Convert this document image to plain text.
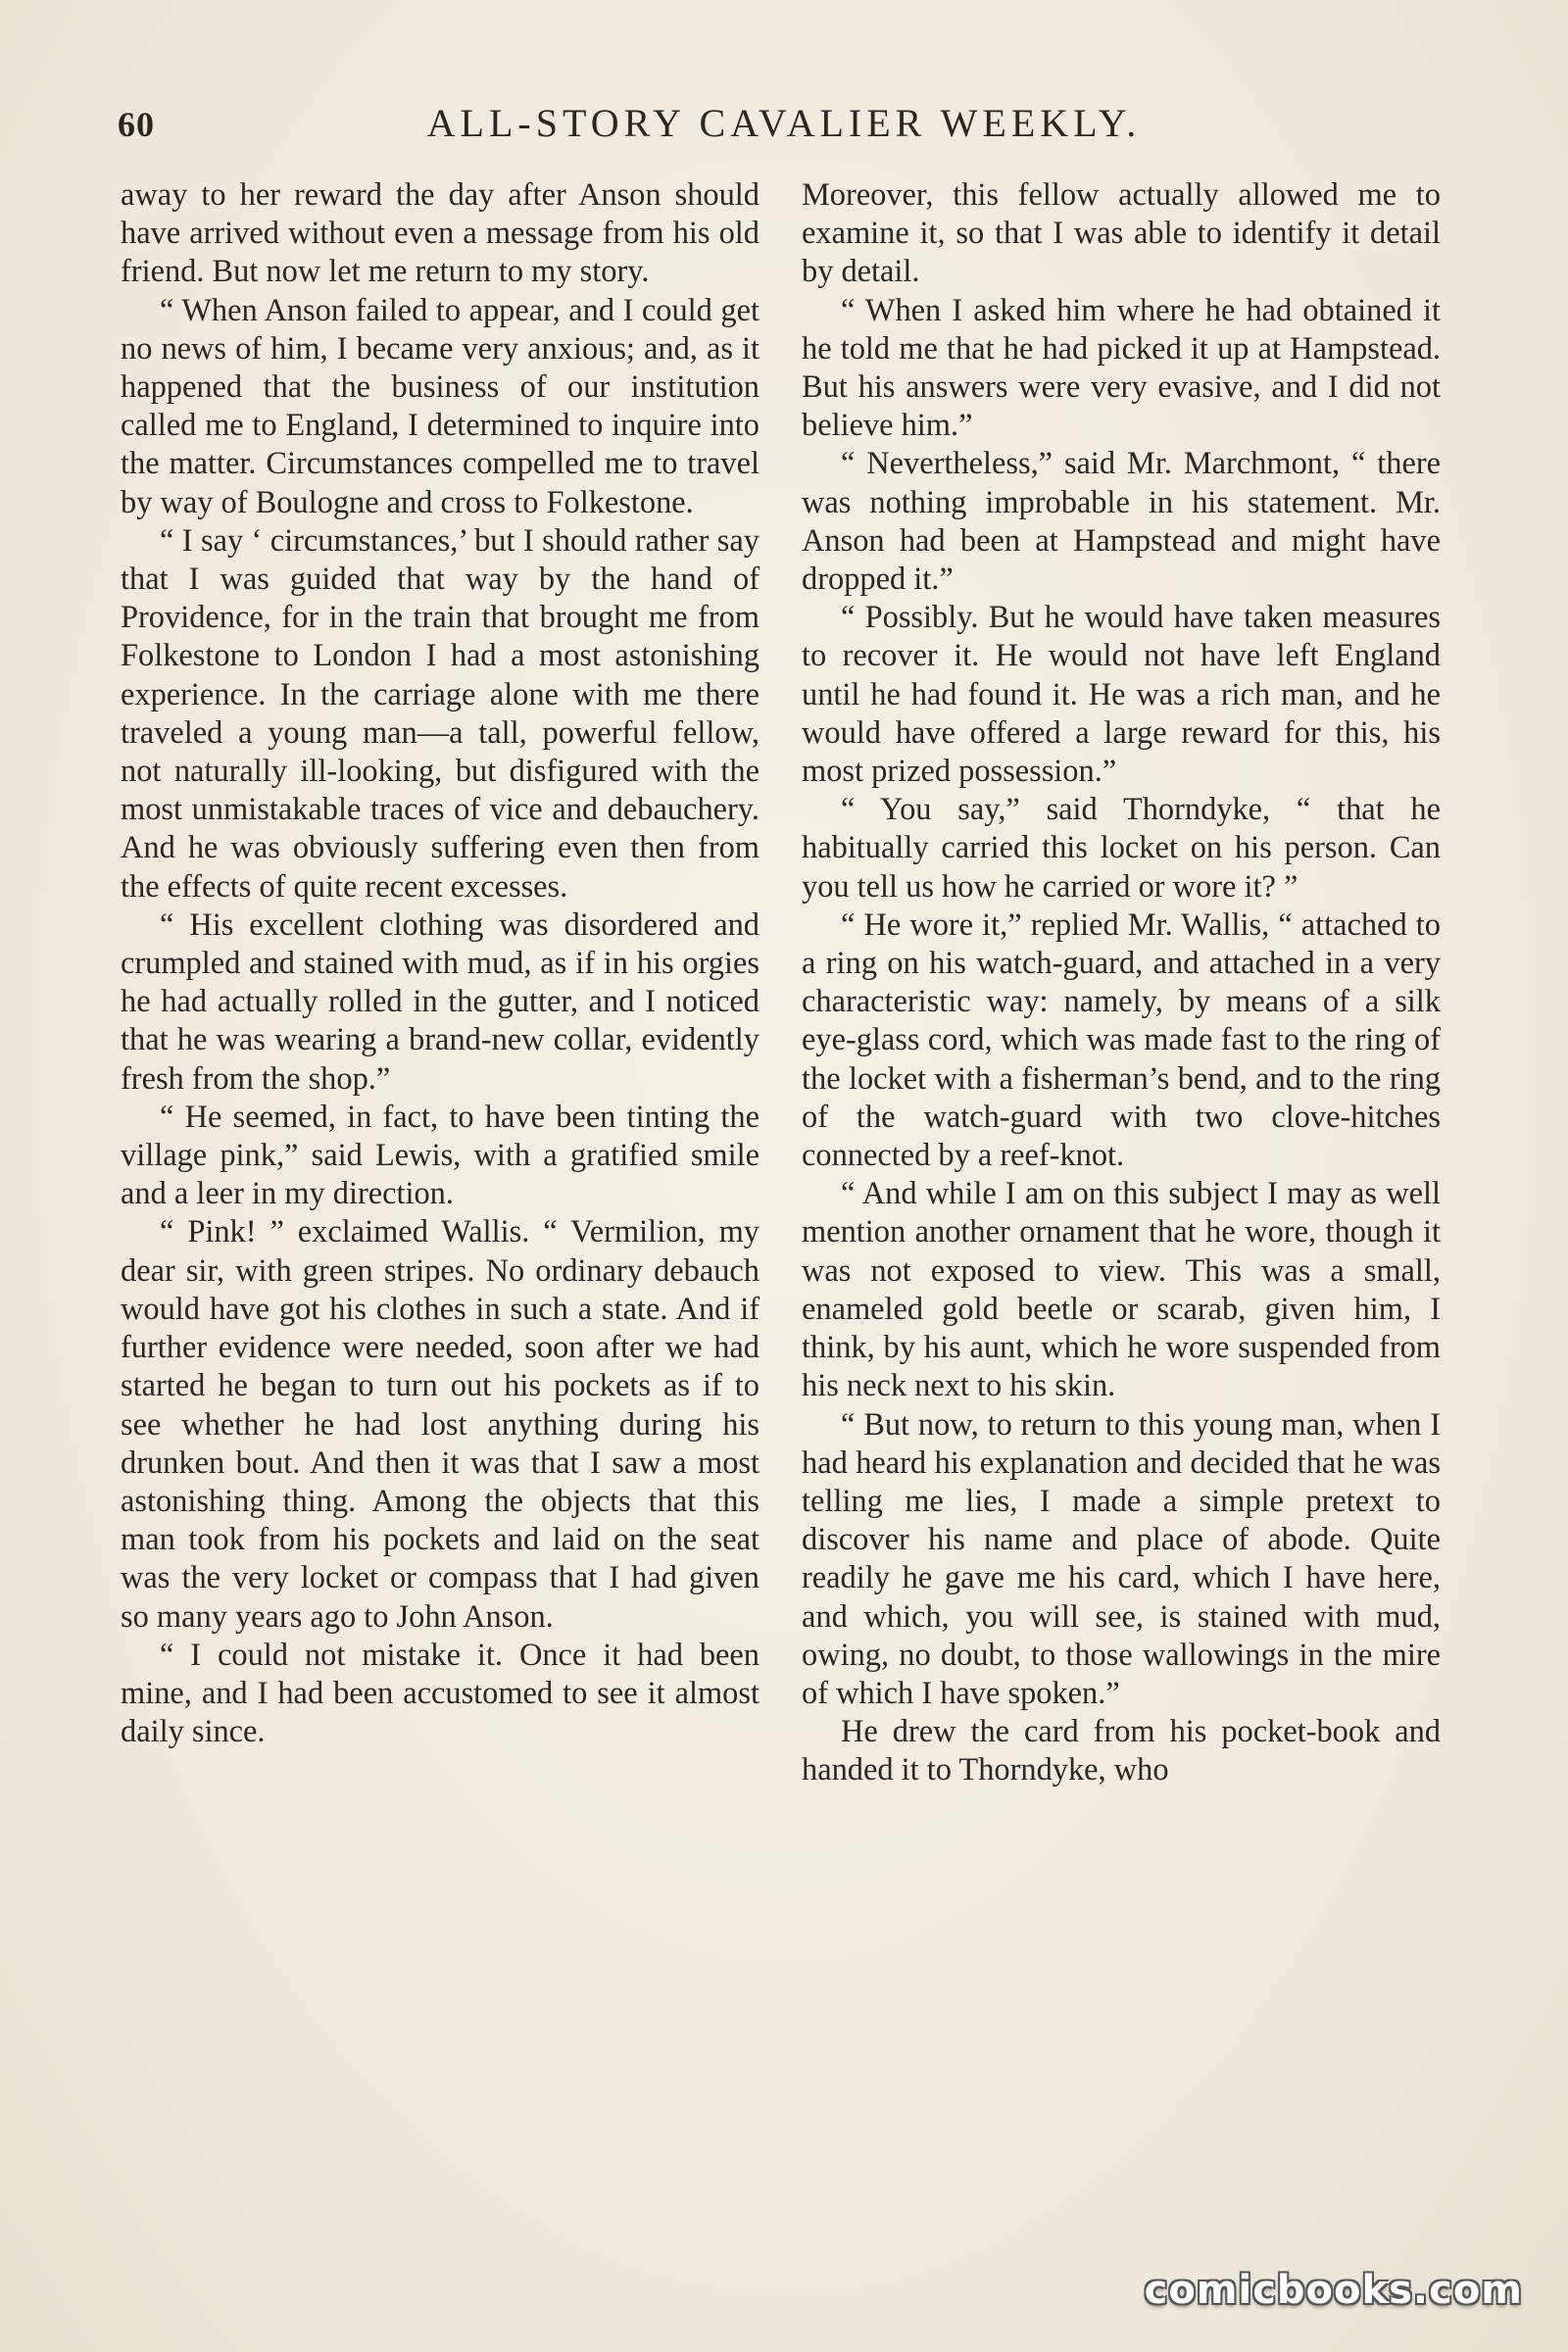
60	ALL-STORY CAVALIER WEEKLY.

away to her reward the day after Anson should have arrived without even a message from his old friend. But now let me return to my story.

“ When Anson failed to appear, and I could get no news of him, I became very anxious; and, as it happened that the business of our institution called me to England, I determined to inquire into the matter. Circumstances compelled me to travel by way of Boulogne and cross to Folkestone.

“ I say ‘ circumstances,’ but I should rather say that I was guided that way by the hand of Providence, for in the train that brought me from Folkestone to London I had a most astonishing experience. In the carriage alone with me there traveled a young man—a tall, powerful fellow, not naturally ill-looking, but disfigured with the most unmistakable traces of vice and debauchery. And he was obviously suffering even then from the effects of quite recent excesses.

“ His excellent clothing was disordered and crumpled and stained with mud, as if in his orgies he had actually rolled in the gutter, and I noticed that he was wearing a brand-new collar, evidently fresh from the shop.”

“ He seemed, in fact, to have been tinting the village pink,” said Lewis, with a gratified smile and a leer in my direction.

“ Pink! ” exclaimed Wallis. “ Vermilion, my dear sir, with green stripes. No ordinary debauch would have got his clothes in such a state. And if further evidence were needed, soon after we had started he began to turn out his pockets as if to see whether he had lost anything during his drunken bout. And then it was that I saw a most astonishing thing. Among the objects that this man took from his pockets and laid on the seat was the very locket or compass that I had given so many years ago to John Anson.

“ I could not mistake it. Once it had been mine, and I had been accustomed to see it almost daily since.

Moreover, this fellow actually allowed me to examine it, so that I was able to identify it detail by detail.

“ When I asked him where he had obtained it he told me that he had picked it up at Hampstead. But his answers were very evasive, and I did not believe him.”

“ Nevertheless,” said Mr. Marchmont, “ there was nothing improbable in his statement. Mr. Anson had been at Hampstead and might have dropped it.”

“ Possibly. But he would have taken measures to recover it. He would not have left England until he had found it. He was a rich man, and he would have offered a large reward for this, his most prized possession.”

“ You say,” said Thorndyke, “ that he habitually carried this locket on his person. Can you tell us how he carried or wore it? ”

“ He wore it,” replied Mr. Wallis, “ attached to a ring on his watch-guard, and attached in a very characteristic way: namely, by means of a silk eye-glass cord, which was made fast to the ring of the locket with a fisherman’s bend, and to the ring of the watch-guard with two clove-hitches connected by a reef-knot.

“ And while I am on this subject I may as well mention another ornament that he wore, though it was not exposed to view. This was a small, enameled gold beetle or scarab, given him, I think, by his aunt, which he wore suspended from his neck next to his skin.

“ But now, to return to this young man, when I had heard his explanation and decided that he was telling me lies, I made a simple pretext to discover his name and place of abode. Quite readily he gave me his card, which I have here, and which, you will see, is stained with mud, owing, no doubt, to those wallowings in the mire of which I have spoken.”

He drew the card from his pocket-book and handed it to Thorndyke, who

comicbooks.com
